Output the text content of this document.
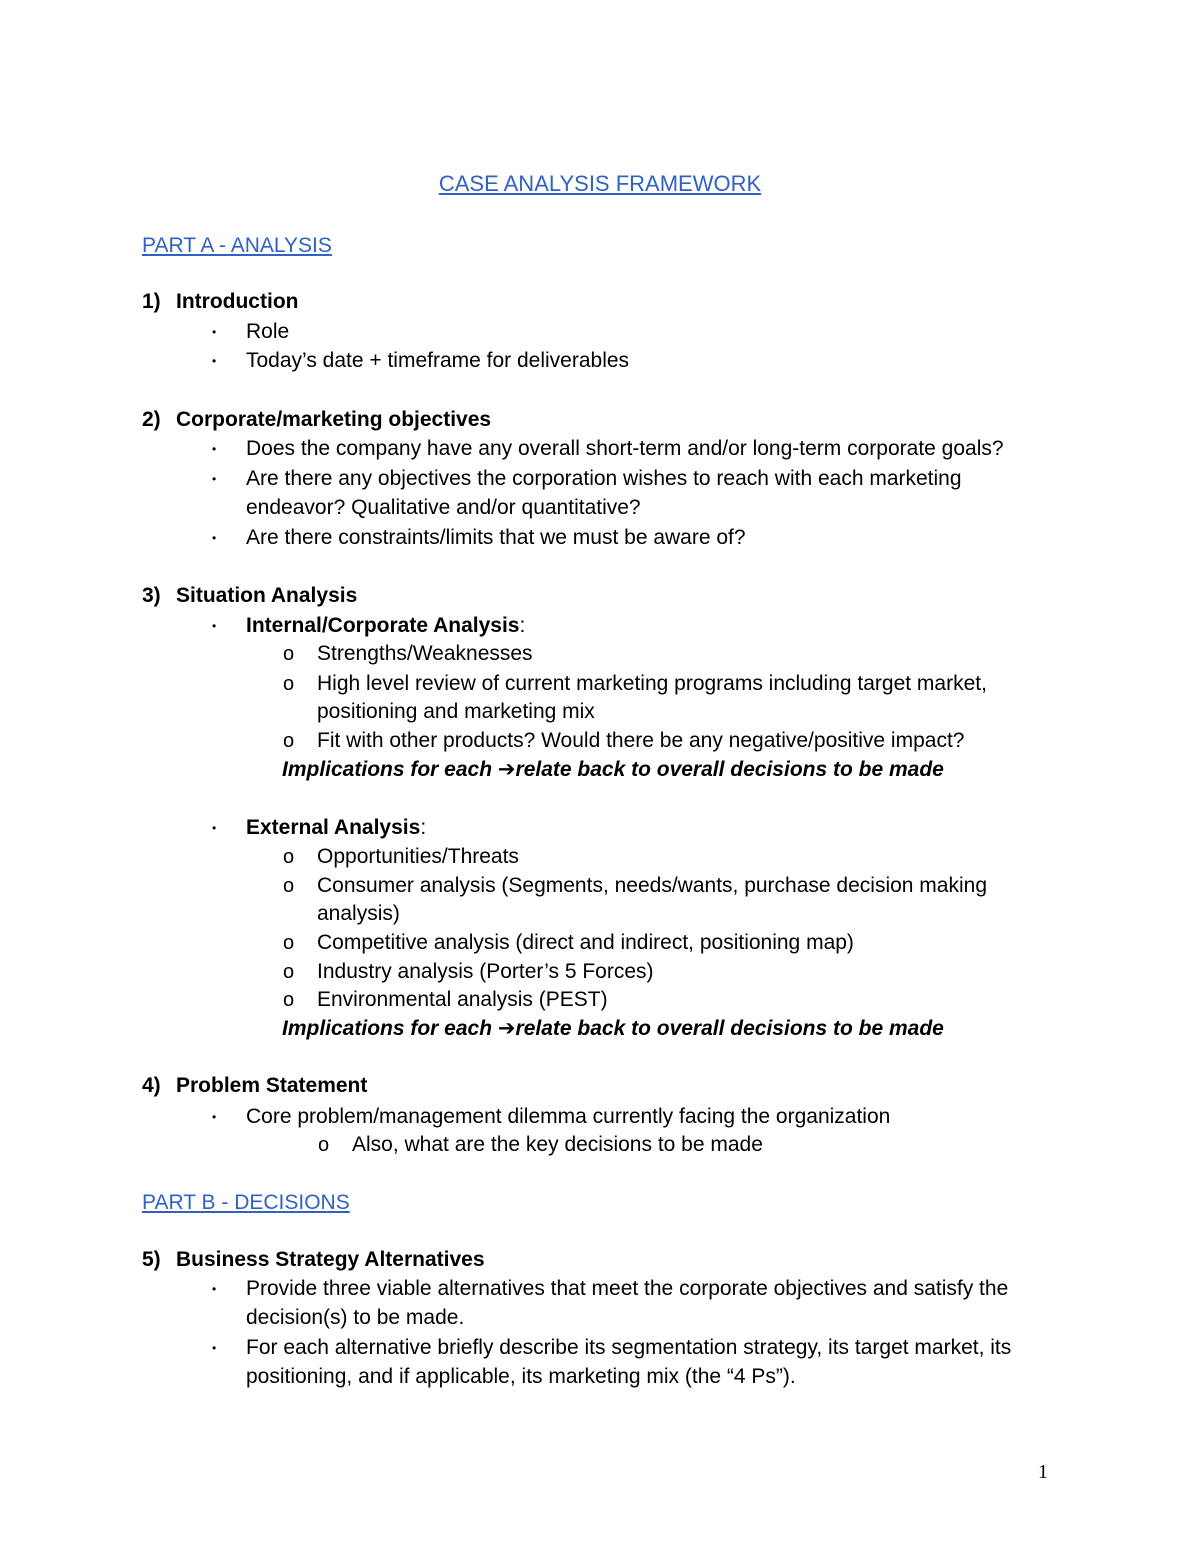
CASE ANALYSIS FRAMEWORK
PART A - ANALYSIS
1) Introduction
• Role
• Today’s date + timeframe for deliverables
2) Corporate/marketing objectives
• Does the company have any overall short-term and/or long-term corporate goals?
• Are there any objectives the corporation wishes to reach with each marketing
endeavor? Qualitative and/or quantitative?
• Are there constraints/limits that we must be aware of?
3) Situation Analysis
• Internal/Corporate Analysis:
o Strengths/Weaknesses
o High level review of current marketing programs including target market,
positioning and marketing mix
o Fit with other products? Would there be any negative/positive impact?
Implications for each ➔relate back to overall decisions to be made
• External Analysis:
o Opportunities/Threats
o Consumer analysis (Segments, needs/wants, purchase decision making
analysis)
o Competitive analysis (direct and indirect, positioning map)
o Industry analysis (Porter’s 5 Forces)
o Environmental analysis (PEST)
Implications for each ➔relate back to overall decisions to be made
4) Problem Statement
• Core problem/management dilemma currently facing the organization
o Also, what are the key decisions to be made
PART B - DECISIONS
5) Business Strategy Alternatives
• Provide three viable alternatives that meet the corporate objectives and satisfy the
decision(s) to be made.
• For each alternative briefly describe its segmentation strategy, its target market, its
positioning, and if applicable, its marketing mix (the “4 Ps”).
1
